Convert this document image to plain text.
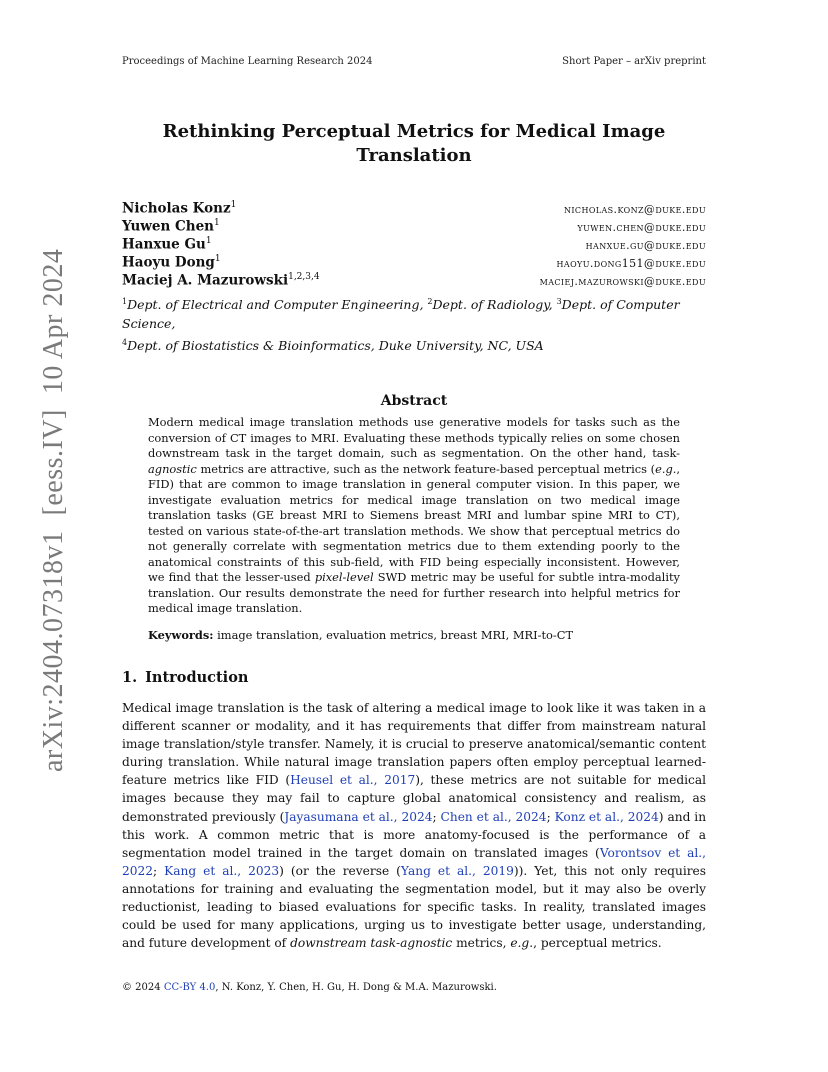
Proceedings of Machine Learning Research 2024	Short Paper – arXiv preprint
arXiv:2404.07318v1  [eess.IV]  10 Apr 2024
Rethinking Perceptual Metrics for Medical Image Translation
Nicholas Konz$^1$	nicholas.konz@duke.edu
Yuwen Chen$^1$	yuwen.chen@duke.edu
Hanxue Gu$^1$	hanxue.gu@duke.edu
Haoyu Dong$^1$	haoyu.dong151@duke.edu
Maciej A. Mazurowski$^{1,2,3,4}$	maciej.mazurowski@duke.edu
$^1$Dept. of Electrical and Computer Engineering, $^2$Dept. of Radiology, $^3$Dept. of Computer Science,
$^4$Dept. of Biostatistics & Bioinformatics, Duke University, NC, USA
Abstract
Modern medical image translation methods use generative models for tasks such as the conversion of CT images to MRI. Evaluating these methods typically relies on some chosen downstream task in the target domain, such as segmentation. On the other hand, task-agnostic metrics are attractive, such as the network feature-based perceptual metrics (e.g., FID) that are common to image translation in general computer vision. In this paper, we investigate evaluation metrics for medical image translation on two medical image translation tasks (GE breast MRI to Siemens breast MRI and lumbar spine MRI to CT), tested on various state-of-the-art translation methods. We show that perceptual metrics do not generally correlate with segmentation metrics due to them extending poorly to the anatomical constraints of this sub-field, with FID being especially inconsistent. However, we find that the lesser-used pixel-level SWD metric may be useful for subtle intra-modality translation. Our results demonstrate the need for further research into helpful metrics for medical image translation.
Keywords: image translation, evaluation metrics, breast MRI, MRI-to-CT
1. Introduction
Medical image translation is the task of altering a medical image to look like it was taken in a different scanner or modality, and it has requirements that differ from mainstream natural image translation/style transfer. Namely, it is crucial to preserve anatomical/semantic content during translation. While natural image translation papers often employ perceptual learned-feature metrics like FID (Heusel et al., 2017), these metrics are not suitable for medical images because they may fail to capture global anatomical consistency and realism, as demonstrated previously (Jayasumana et al., 2024; Chen et al., 2024; Konz et al., 2024) and in this work. A common metric that is more anatomy-focused is the performance of a segmentation model trained in the target domain on translated images (Vorontsov et al., 2022; Kang et al., 2023) (or the reverse (Yang et al., 2019)). Yet, this not only requires annotations for training and evaluating the segmentation model, but it may also be overly reductionist, leading to biased evaluations for specific tasks. In reality, translated images could be used for many applications, urging us to investigate better usage, understanding, and future development of downstream task-agnostic metrics, e.g., perceptual metrics.
© 2024 CC-BY 4.0, N. Konz, Y. Chen, H. Gu, H. Dong & M.A. Mazurowski.
